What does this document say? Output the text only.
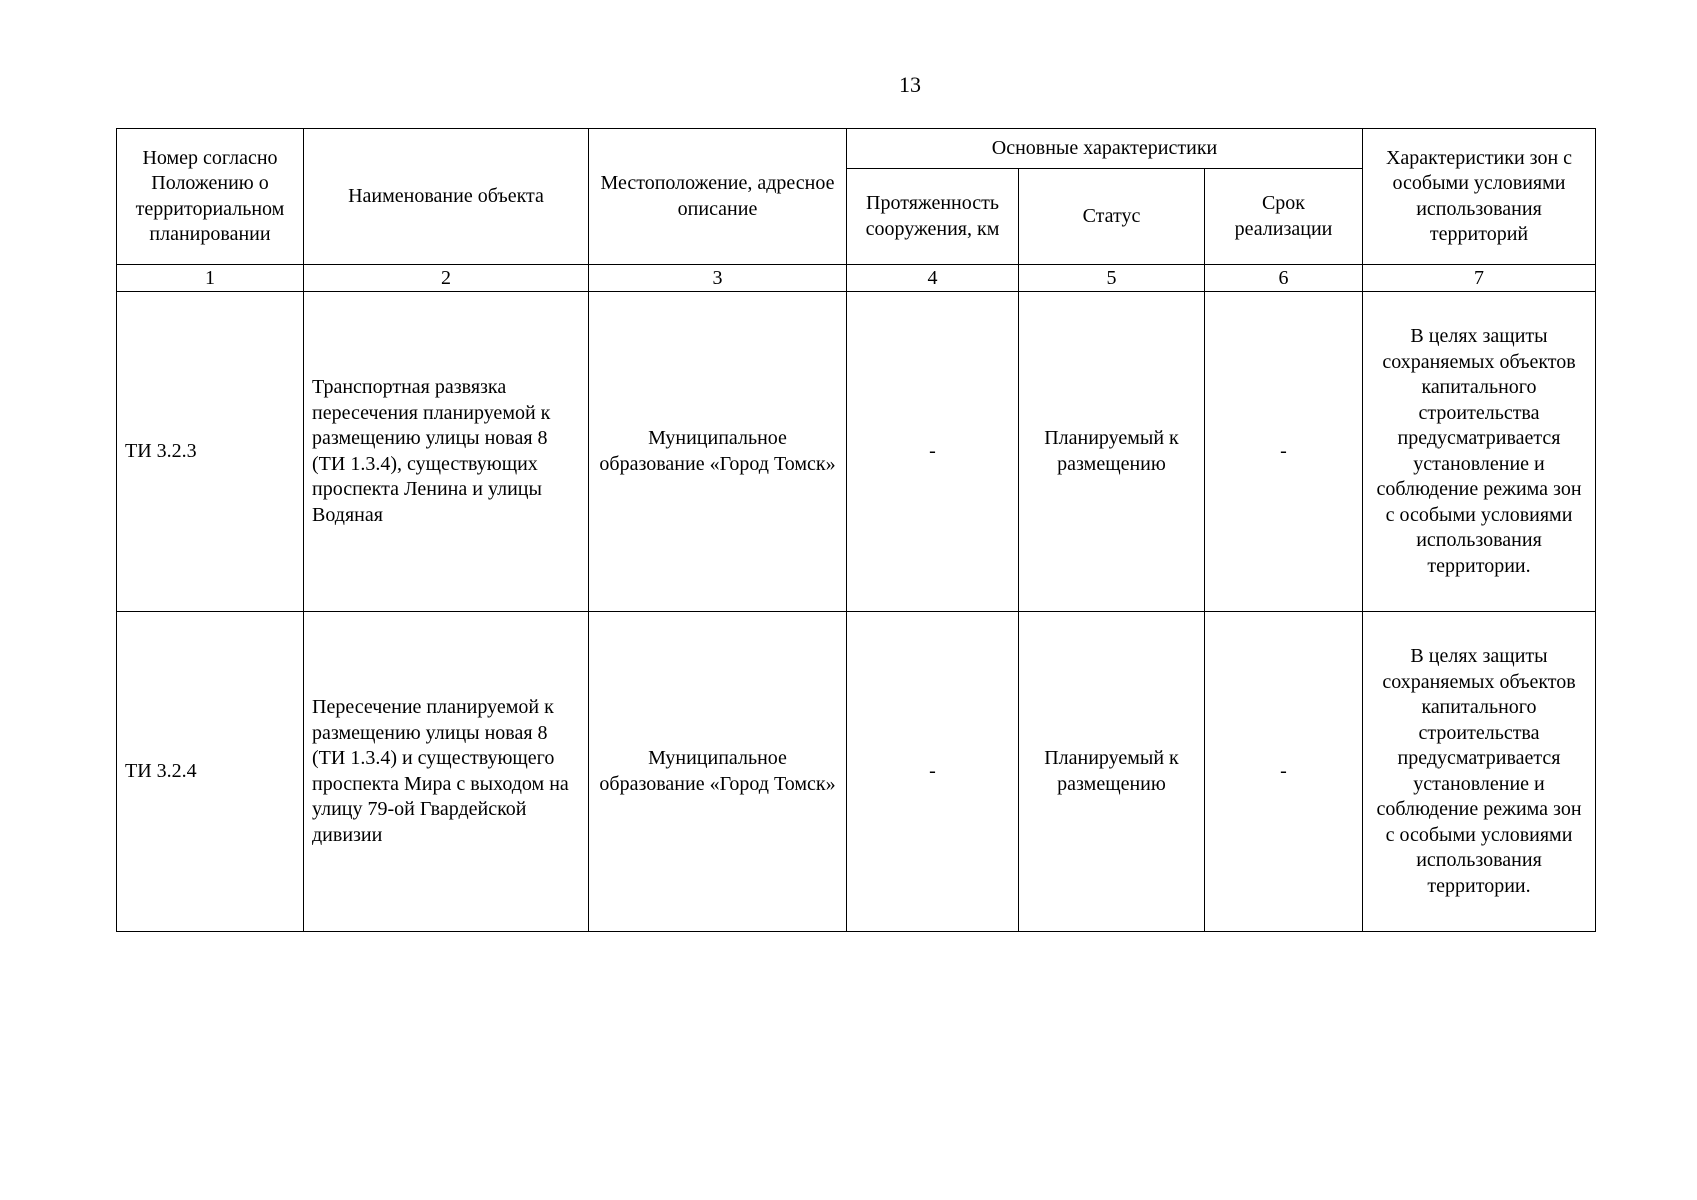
13
Номер согласно Положению о территориальном планировании	Наименование объекта	Местоположение, адресное описание	Основные характеристики			Характеристики зон с особыми условиями использования территорий
			Протяженность сооружения, км	Статус	Срок реализации	
1	2	3	4	5	6	7
ТИ 3.2.3	Транспортная развязка пересечения планируемой к размещению улицы новая 8 (ТИ 1.3.4), существующих проспекта Ленина и улицы Водяная	Муниципальное образование «Город Томск»	-	Планируемый к размещению	-	В целях защиты сохраняемых объектов капитального строительства предусматривается установление и соблюдение режима зон с особыми условиями использования территории.
ТИ 3.2.4	Пересечение планируемой к размещению улицы новая 8 (ТИ 1.3.4) и существующего проспекта Мира с выходом на улицу 79-ой Гвардейской дивизии	Муниципальное образование «Город Томск»	-	Планируемый к размещению	-	В целях защиты сохраняемых объектов капитального строительства предусматривается установление и соблюдение режима зон с особыми условиями использования территории.
